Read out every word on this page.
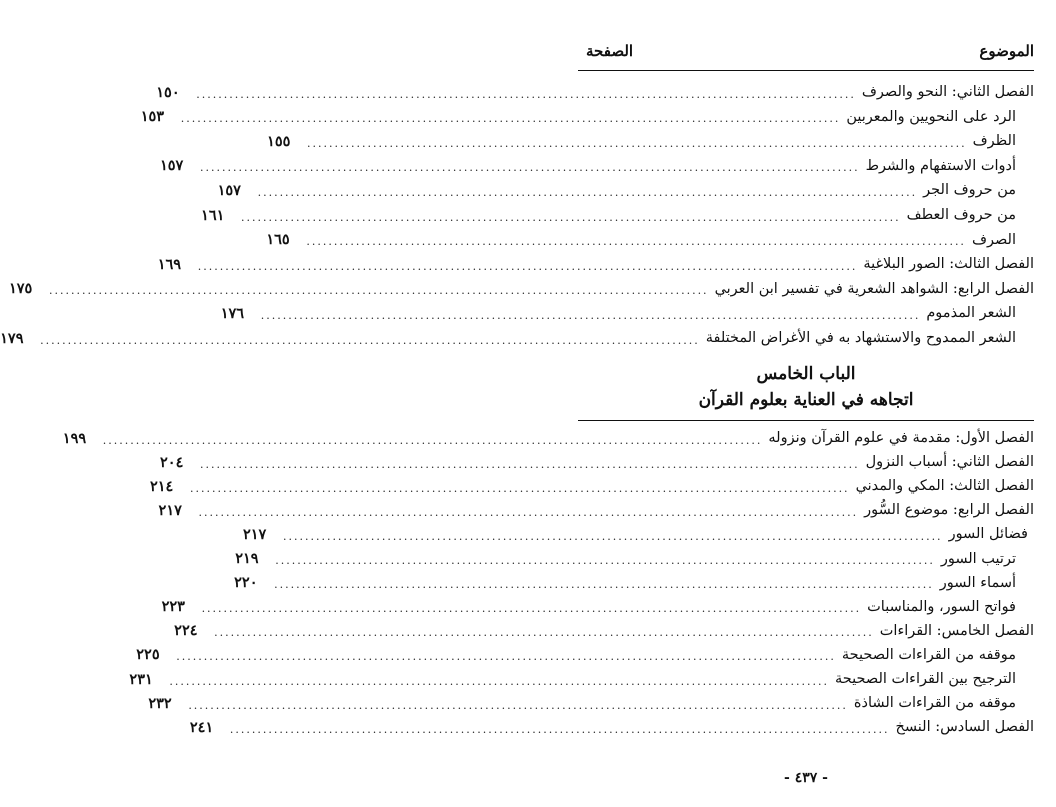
الموضوع
الصفحة
الفصل الثاني: النحو والصرف
........................................................................................................................
١٥٠
الرد على النحويين والمعربين
........................................................................................................................
١٥٣
الظرف
........................................................................................................................
١٥٥
أدوات الاستفهام والشرط
........................................................................................................................
١٥٧
من حروف الجر
........................................................................................................................
١٥٧
من حروف العطف
........................................................................................................................
١٦١
الصرف
........................................................................................................................
١٦٥
الفصل الثالث: الصور البلاغية
........................................................................................................................
١٦٩
الفصل الرابع: الشواهد الشعرية في تفسير ابن العربي
........................................................................................................................
١٧٥
الشعر المذموم
........................................................................................................................
١٧٦
الشعر الممدوح والاستشهاد به في الأغراض المختلفة
........................................................................................................................
١٧٩
الباب الخامس
اتجاهه في العناية بعلوم القرآن
الفصل الأول: مقدمة في علوم القرآن ونزوله
........................................................................................................................
١٩٩
الفصل الثاني: أسباب النزول
........................................................................................................................
٢٠٤
الفصل الثالث: المكي والمدني
........................................................................................................................
٢١٤
الفصل الرابع: موضوع السُّور
........................................................................................................................
٢١٧
فضائل السور
........................................................................................................................
٢١٧
ترتيب السور
........................................................................................................................
٢١٩
أسماء السور
........................................................................................................................
٢٢٠
فواتح السور، والمناسبات
........................................................................................................................
٢٢٣
الفصل الخامس: القراءات
........................................................................................................................
٢٢٤
موقفه من القراءات الصحيحة
........................................................................................................................
٢٢٥
الترجيح بين القراءات الصحيحة
........................................................................................................................
٢٣١
موقفه من القراءات الشاذة
........................................................................................................................
٢٣٢
الفصل السادس: النسخ
........................................................................................................................
٢٤١
- ٤٣٧ -
